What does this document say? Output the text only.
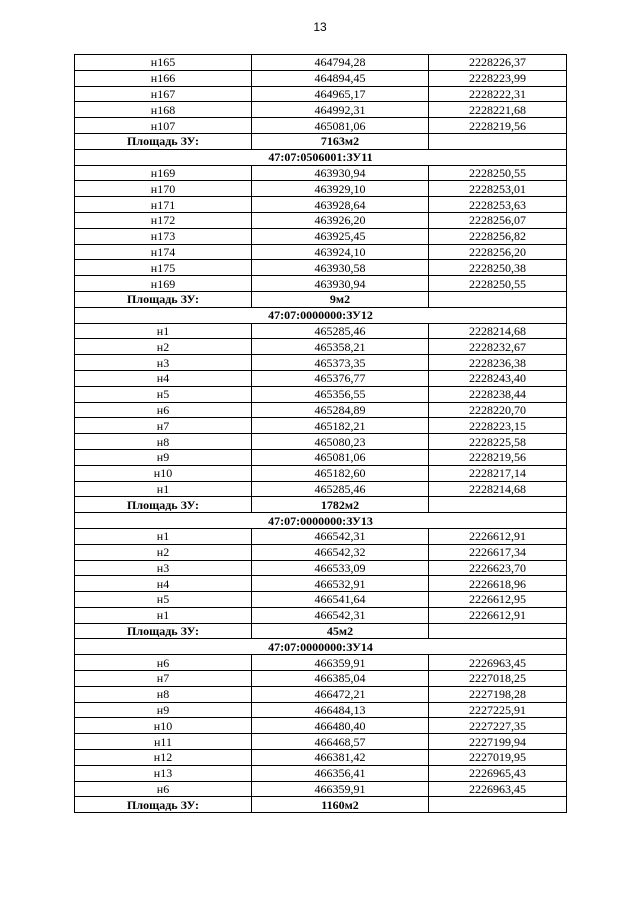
13
н165	464794,28	2228226,37
н166	464894,45	2228223,99
н167	464965,17	2228222,31
н168	464992,31	2228221,68
н107	465081,06	2228219,56
Площадь ЗУ:	7163м2	
47:07:0506001:ЗУ11		
н169	463930,94	2228250,55
н170	463929,10	2228253,01
н171	463928,64	2228253,63
н172	463926,20	2228256,07
н173	463925,45	2228256,82
н174	463924,10	2228256,20
н175	463930,58	2228250,38
н169	463930,94	2228250,55
Площадь ЗУ:	9м2	
47:07:0000000:ЗУ12		
н1	465285,46	2228214,68
н2	465358,21	2228232,67
н3	465373,35	2228236,38
н4	465376,77	2228243,40
н5	465356,55	2228238,44
н6	465284,89	2228220,70
н7	465182,21	2228223,15
н8	465080,23	2228225,58
н9	465081,06	2228219,56
н10	465182,60	2228217,14
н1	465285,46	2228214,68
Площадь ЗУ:	1782м2	
47:07:0000000:ЗУ13		
н1	466542,31	2226612,91
н2	466542,32	2226617,34
н3	466533,09	2226623,70
н4	466532,91	2226618,96
н5	466541,64	2226612,95
н1	466542,31	2226612,91
Площадь ЗУ:	45м2	
47:07:0000000:ЗУ14		
н6	466359,91	2226963,45
н7	466385,04	2227018,25
н8	466472,21	2227198,28
н9	466484,13	2227225,91
н10	466480,40	2227227,35
н11	466468,57	2227199,94
н12	466381,42	2227019,95
н13	466356,41	2226965,43
н6	466359,91	2226963,45
Площадь ЗУ:	1160м2	
